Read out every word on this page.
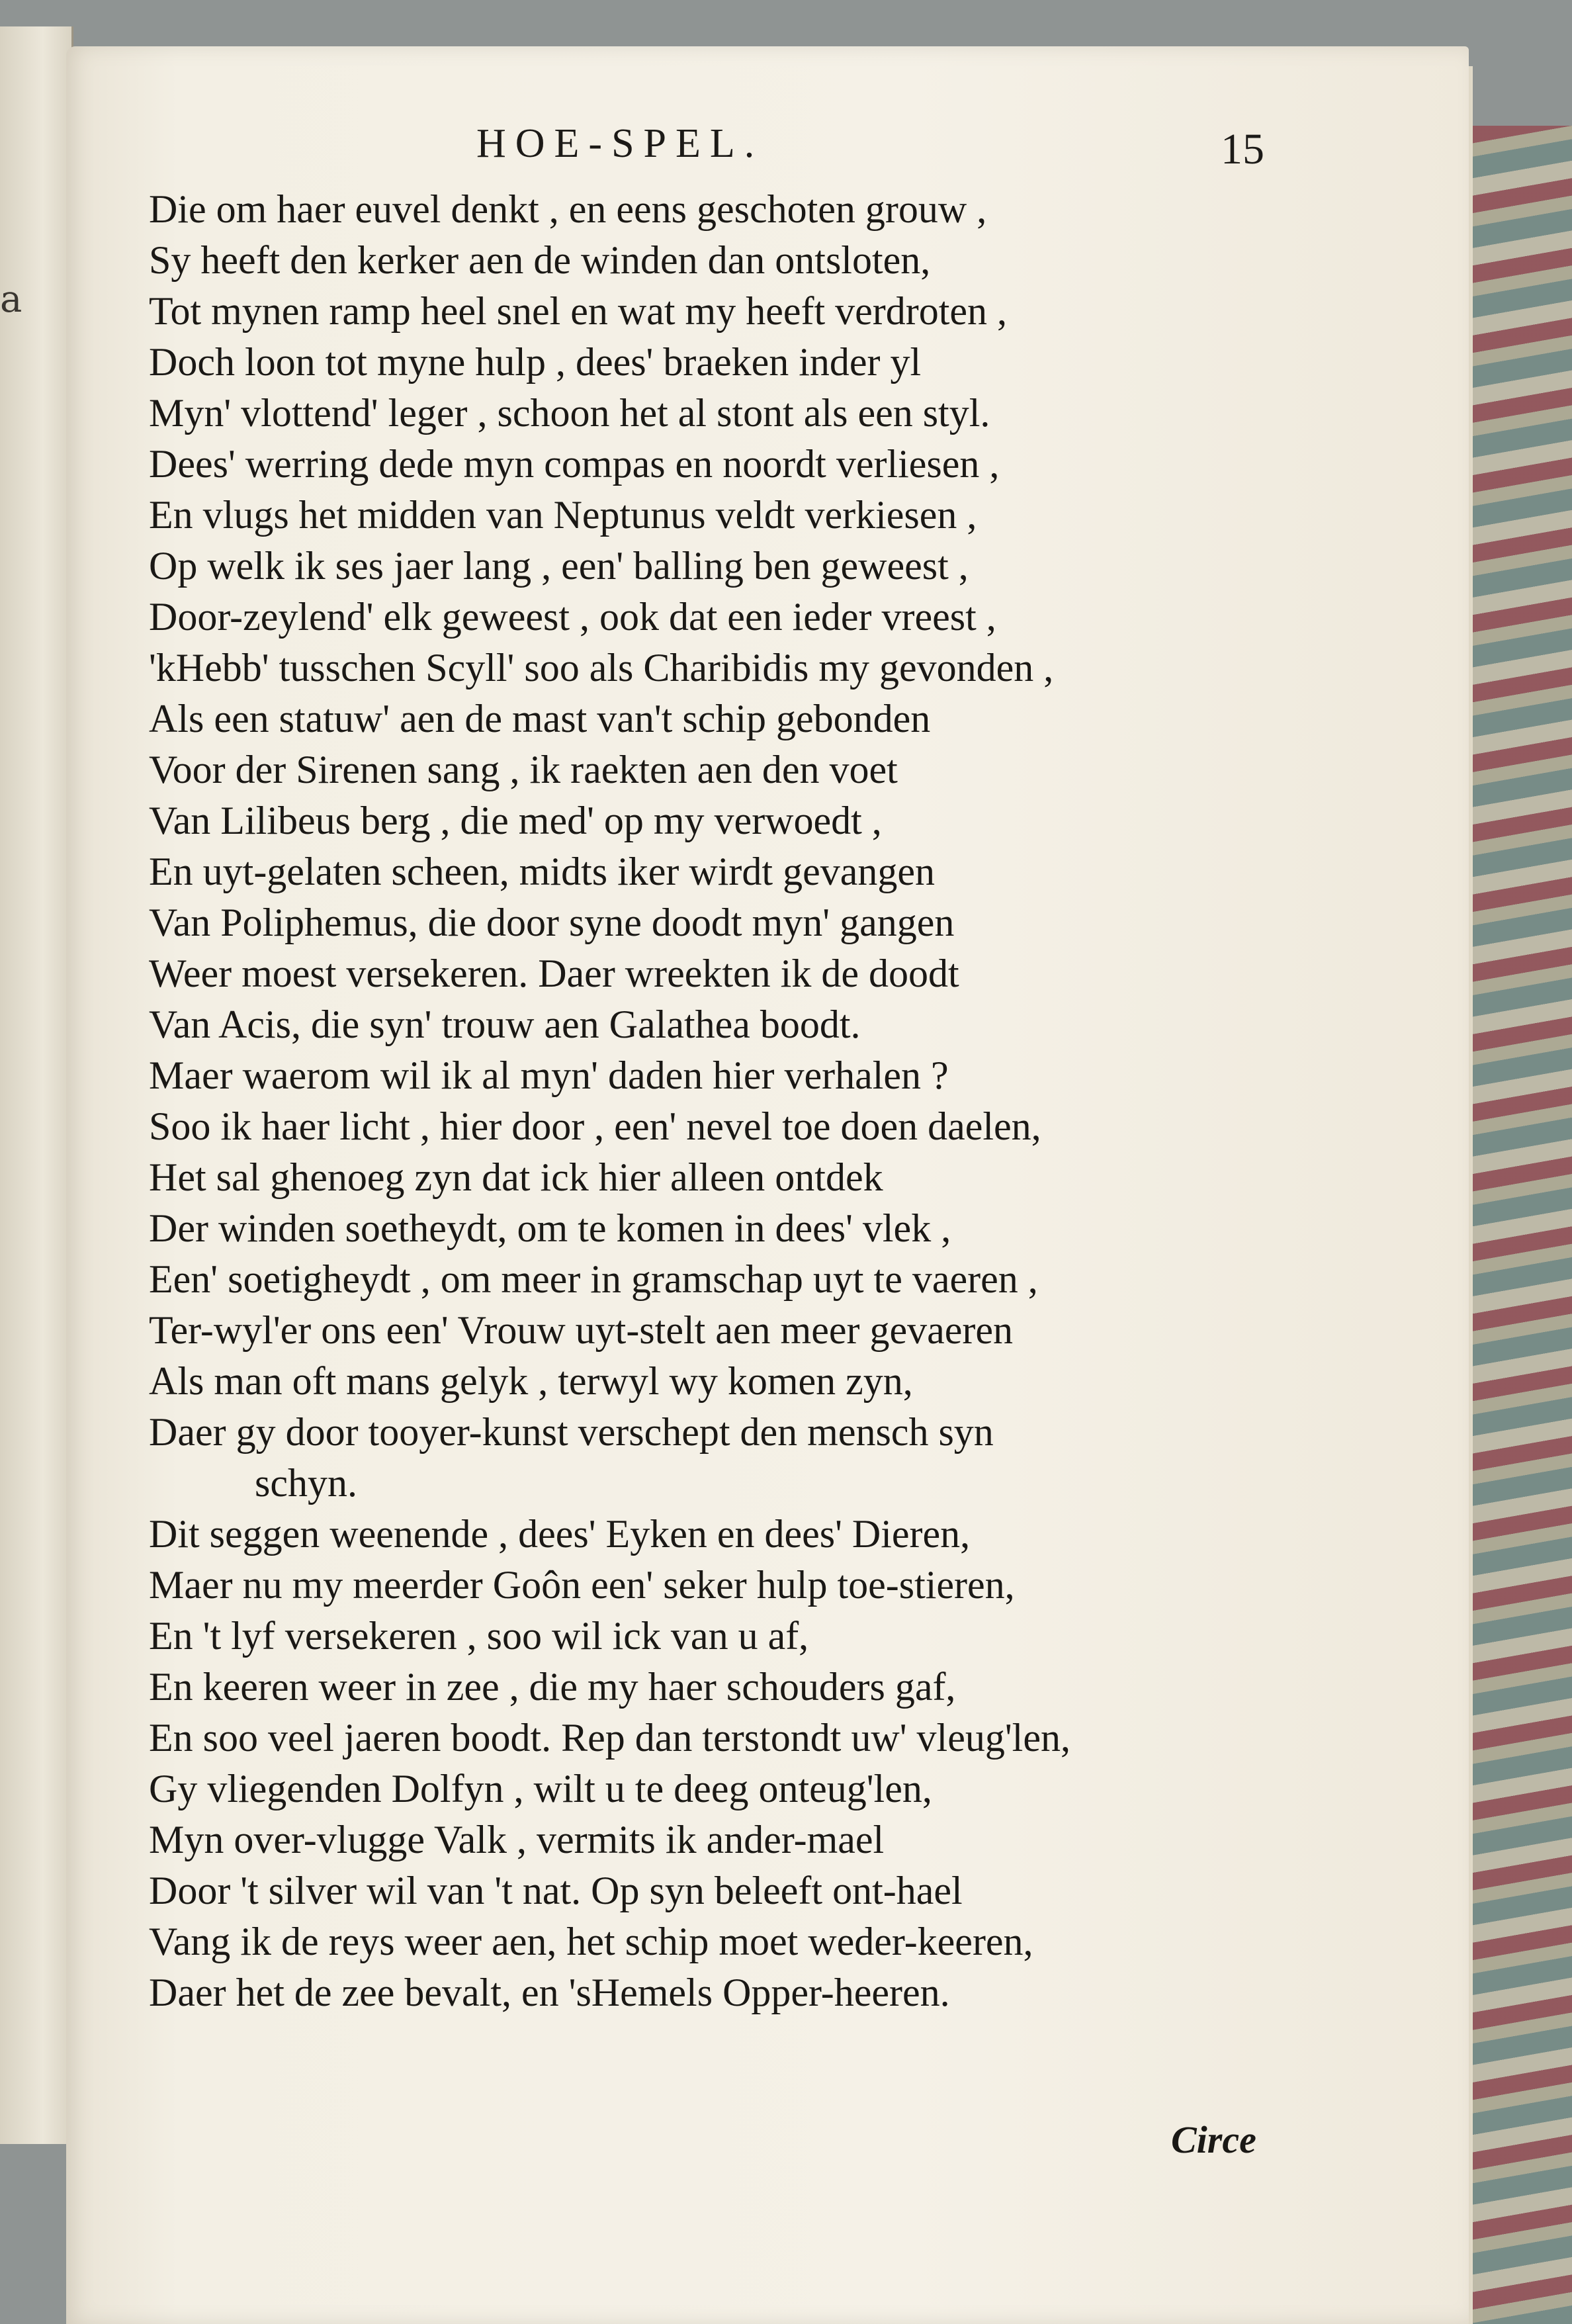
a
HOE-SPEL.	15
Die om haer euvel denkt , en eens geschoten grouw ,
Sy heeft den kerker aen de winden dan ontsloten,
Tot mynen ramp heel snel en wat my heeft verdroten ,
Doch loon tot myne hulp , dees' braeken inder yl
Myn' vlottend' leger , schoon het al stont als een styl.
Dees' werring dede myn compas en noordt verliesen ,
En vlugs het midden van Neptunus veldt verkiesen ,
Op welk ik ses jaer lang , een' balling ben geweest ,
Door-zeylend' elk geweest , ook dat een ieder vreest ,
'kHebb' tusschen Scyll' soo als Charibidis my gevonden ,
Als een statuw' aen de mast van't schip gebonden
Voor der Sirenen sang , ik raekten aen den voet
Van Lilibeus berg , die med' op my verwoedt ,
En uyt-gelaten scheen, midts iker wirdt gevangen
Van Poliphemus, die door syne doodt myn' gangen
Weer moest versekeren. Daer wreekten ik de doodt
Van Acis, die syn' trouw aen Galathea boodt.
Maer waerom wil ik al myn' daden hier verhalen ?
Soo ik haer licht , hier door , een' nevel toe doen daelen,
Het sal ghenoeg zyn dat ick hier alleen ontdek
Der winden soetheydt, om te komen in dees' vlek ,
Een' soetigheydt , om meer in gramschap uyt te vaeren ,
Ter-wyl'er ons een' Vrouw uyt-stelt aen meer gevaeren
Als man oft mans gelyk , terwyl wy komen zyn,
Daer gy door tooyer-kunst verschept den mensch syn
schyn.
Dit seggen weenende , dees' Eyken en dees' Dieren,
Maer nu my meerder Goôn een' seker hulp toe-stieren,
En 't lyf versekeren , soo wil ick van u af,
En keeren weer in zee , die my haer schouders gaf,
En soo veel jaeren boodt. Rep dan terstondt uw' vleug'len,
Gy vliegenden Dolfyn , wilt u te deeg onteug'len,
Myn over-vlugge Valk , vermits ik ander-mael
Door 't silver wil van 't nat. Op syn beleeft ont-hael
Vang ik de reys weer aen, het schip moet weder-keeren,
Daer het de zee bevalt, en 'sHemels Opper-heeren.
Circe
